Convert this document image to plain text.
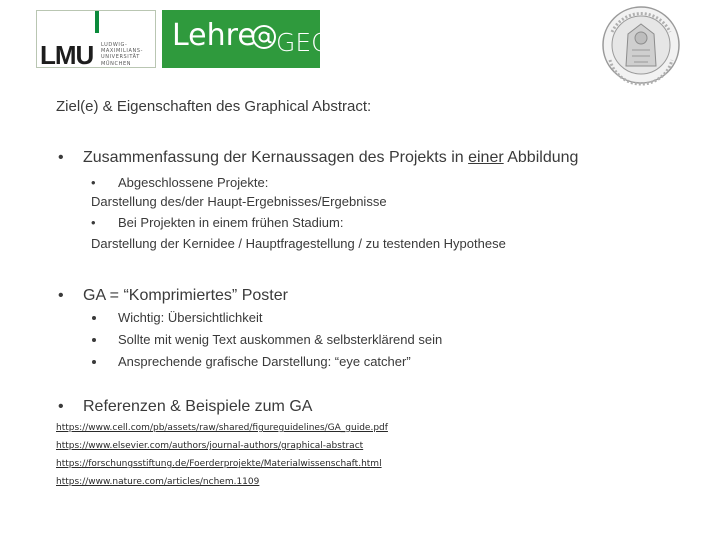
LMU LUDWIG-
MAXIMILIANS-
UNIVERSITÄT
MÜNCHEN
Lehre GEO
Ziel(e) & Eigenschaften des Graphical Abstract:
• Zusammenfassung der Kernaussagen des Projekts in einer Abbildung
• Abgeschlossene Projekte:
Darstellung des/der Haupt-Ergebnisses/Ergebnisse
• Bei Projekten in einem frühen Stadium:
Darstellung der Kernidee / Hauptfragestellung / zu testenden Hypothese
• GA = “Komprimiertes” Poster
Wichtig: Übersichtlichkeit
Sollte mit wenig Text auskommen & selbsterklärend sein
Ansprechende grafische Darstellung: “eye catcher”
• Referenzen & Beispiele zum GA
https://www.cell.com/pb/assets/raw/shared/figureguidelines/GA_guide.pdf
https://www.elsevier.com/authors/journal-authors/graphical-abstract
https://forschungsstiftung.de/Foerderprojekte/Materialwissenschaft.html
https://www.nature.com/articles/nchem.1109
